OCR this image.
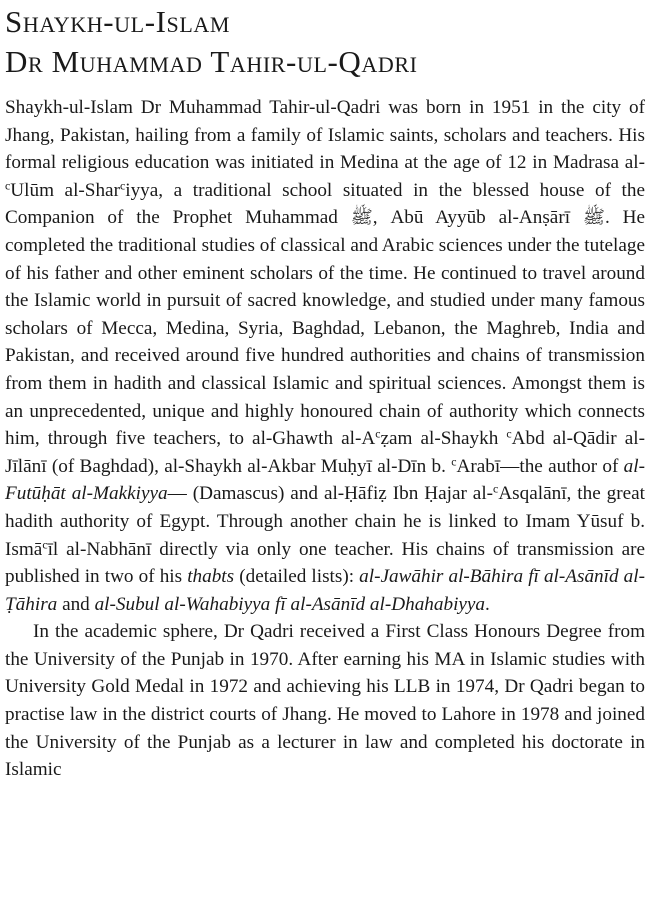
Shaykh-ul-Islam
Dr Muhammad Tahir-ul-Qadri

Shaykh-ul-Islam Dr Muhammad Tahir-ul-Qadri was born in 1951 in the city of Jhang, Pakistan, hailing from a family of Islamic saints, scholars and teachers. His formal religious education was initiated in Medina at the age of 12 in Madrasa al-$^c$Ulūm al-Shar$^c$iyya, a traditional school situated in the blessed house of the Companion of the Prophet Muhammad ﷺ, Abū Ayyūb al-Anṣārī ﷺ. He completed the traditional studies of classical and Arabic sciences under the tutelage of his father and other eminent scholars of the time. He continued to travel around the Islamic world in pursuit of sacred knowledge, and studied under many famous scholars of Mecca, Medina, Syria, Baghdad, Lebanon, the Maghreb, India and Pakistan, and received around five hundred authorities and chains of transmission from them in hadith and classical Islamic and spiritual sciences. Amongst them is an unprecedented, unique and highly honoured chain of authority which connects him, through five teachers, to al-Ghawth $al-A^cẓam$ al-Shaykh $^c$Abd al-Qādir al-Jīlānī (of Baghdad), al-Shaykh al-Akbar Muḥyī al-Dīn b. $^c$Arabī—the author of al-Futūḥāt al-Makkiyya— (Damascus) and al-Ḥāfiẓ Ibn Ḥajar al-$^c$Asqalānī, the great hadith authority of Egypt. Through another chain he is linked to Imam Yūsuf b. Ismā$^c$īl al-Nabhānī directly via only one teacher. His chains of transmission are published in two of his thabts (detailed lists): al-Jawāhir al-Bāhira fī al-Asānīd al-Ṭāhira and al-Subul al-Wahabiyya fī al-Asānīd al-Dhahabiyya.

In the academic sphere, Dr Qadri received a First Class Honours Degree from the University of the Punjab in 1970. After earning his MA in Islamic studies with University Gold Medal in 1972 and achieving his LLB in 1974, Dr Qadri began to practise law in the district courts of Jhang. He moved to Lahore in 1978 and joined the University of the Punjab as a lecturer in law and completed his doctorate in Islamic
